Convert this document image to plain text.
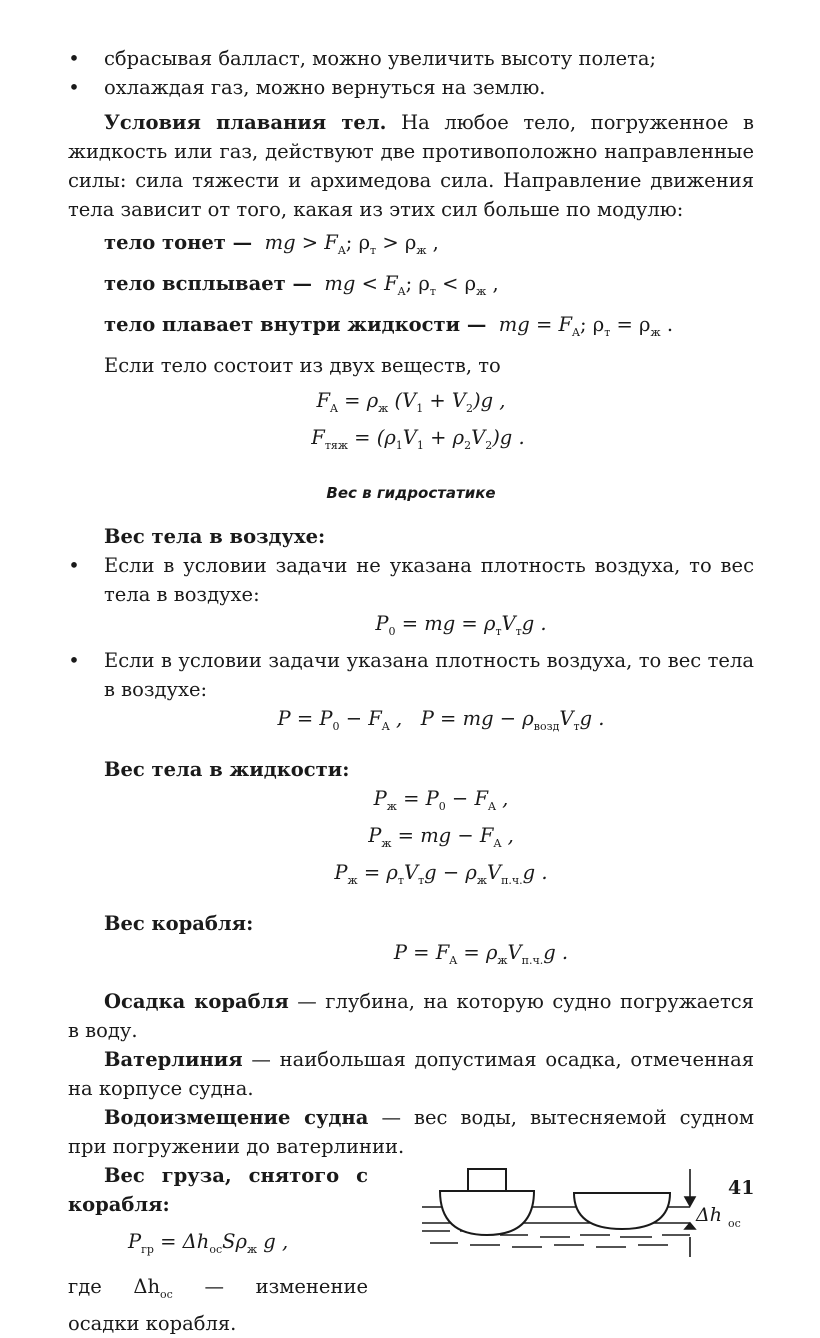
• сбрасывая балласт, можно увеличить высоту полета;
• охлаждая газ, можно вернуться на землю.

Условия плавания тел. На любое тело, погруженное в жидкость или газ, действуют две противоположно направленные силы: сила тяжести и архимедова сила. Направление движения тела зависит от того, какая из этих сил больше по модулю:

тело тонет — mg > $F_A$; $\rho_т > \rho_ж$ ,
тело всплывает — mg < $F_A$; $\rho_т < \rho_ж$ ,
тело плавает внутри жидкости — mg = $F_A$; $\rho_т = \rho_ж$ .
Если тело состоит из двух веществ, то
$F_A = \rho_ж$ $(V_1 + V_2)g$ ,
$F_{тяж} = (\rho_1V_1 + \rho_2V_2)g$ .
Вес в гидростатике
Вес тела в воздухе:
• Если в условии задачи не указана плотность воздуха, то вес тела в воздухе:
$P_0$ = mg = $\rho_тV_тg$ .
• Если в условии задачи указана плотность воздуха, то вес тела в воздухе:
$P = P_0 - F_A$ ,   P = mg − $\rho_{возд}V_тg$ .
Вес тела в жидкости:
$P_ж = P_0 - F_A$ ,
$P_ж$ = mg − $F_A$ ,
$P_ж = \rho_тV_тg - \rho_жV_{п.ч.}g$ .
Вес корабля:
$P = F_A = \rho_жV_{п.ч.}g$ .

Осадка корабля — глубина, на которую судно погружается в воду.

Ватерлиния — наибольшая допустимая осадка, отмеченная на корпусе судна.

Водоизмещение судна — вес воды, вытесняемой судном при погружении до ватерлинии.

Вес груза, снятого с корабля:

$P_{гр} = \Delta h_{ос}S\rho_ж$ g ,

где $\Delta h_{ос}$ — изменение осадки корабля.

Δh ос
41
